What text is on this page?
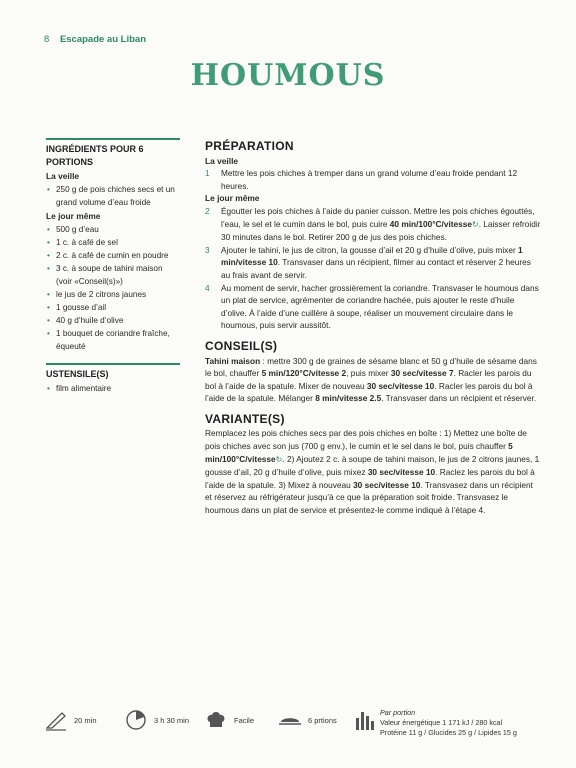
8 Escapade au Liban
HOUMOUS
INGRÉDIENTS POUR 6 PORTIONS
La veille
• 250 g de pois chiches secs et un grand volume d’eau froide
Le jour même
• 500 g d’eau
• 1 c. à café de sel
• 2 c. à café de cumin en poudre
• 3 c. à soupe de tahini maison (voir «Conseil(s)»)
• le jus de 2 citrons jaunes
• 1 gousse d’ail
• 40 g d’huile d’olive
• 1 bouquet de coriandre fraîche, équeuté
USTENSILE(S)
• film alimentaire
PRÉPARATION
La veille
1 Mettre les pois chiches à tremper dans un grand volume d’eau froide pendant 12 heures.
Le jour même
2 Égoutter les pois chiches à l’aide du panier cuisson. Mettre les pois chiches égouttés, l’eau, le sel et le cumin dans le bol, puis cuire 40 min/100°C/vitesse↻. Laisser refroidir 30 minutes dans le bol. Retirer 200 g de jus des pois chiches.
3 Ajouter le tahini, le jus de citron, la gousse d’ail et 20 g d’huile d’olive, puis mixer 1 min/vitesse 10. Transvaser dans un récipient, filmer au contact et réserver 2 heures au frais avant de servir.
4 Au moment de servir, hacher grossièrement la coriandre. Transvaser le houmous dans un plat de service, agrémenter de coriandre hachée, puis ajouter le reste d’huile d’olive. À l’aide d’une cuillère à soupe, réaliser un mouvement circulaire dans le houmous, puis servir aussitôt.
CONSEIL(S)
Tahini maison : mettre 300 g de graines de sésame blanc et 50 g d’huile de sésame dans le bol, chauffer 5 min/120°C/vitesse 2, puis mixer 30 sec/vitesse 7. Racler les parois du bol à l’aide de la spatule. Mixer de nouveau 30 sec/vitesse 10. Racler les parois du bol à l’aide de la spatule. Mélanger 8 min/vitesse 2.5. Transvaser dans un récipient et réserver.
VARIANTE(S)
Remplacez les pois chiches secs par des pois chiches en boîte : 1) Mettez une boîte de pois chiches avec son jus (700 g env.), le cumin et le sel dans le bol, puis chauffer 5 min/100°C/vitesse↻. 2) Ajoutez 2 c. à soupe de tahini maison, le jus de 2 citrons jaunes, 1 gousse d’ail, 20 g d’huile d’olive, puis mixez 30 sec/vitesse 10. Raclez les parois du bol à l’aide de la spatule. 3) Mixez à nouveau 30 sec/vitesse 10. Transvasez dans un récipient et réservez au réfrigérateur jusqu’à ce que la préparation soit froide. Transvasez le houmous dans un plat de service et présentez-le comme indiqué à l’étape 4.
20 min	3 h 30 min	Facile	6 prtions
Par portion
Valeur énergétique 1 171 kJ / 280 kcal
Protéine 11 g / Glucides 25 g / Lipides 15 g
